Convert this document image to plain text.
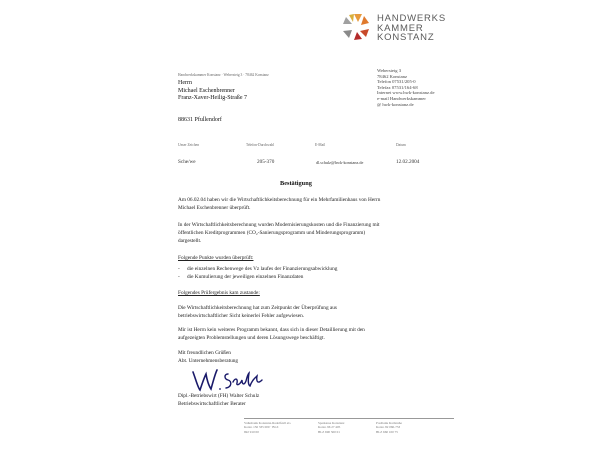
HANDWERKS
KAMMER
KONSTANZ
Handwerkskammer Konstanz · Webersteig 3 · 78462 Konstanz
Herrn
Michael Eschenbrenner
Franz-Xaver-Heilig-Straße 7
88631 Pfullendorf
Webersteig 3
78462 Konstanz
Telefon 07531/205-0
Telefax 07531/164-68
Internet www.hwk-konstanz.de
e-mail Handwerkskammer
@ hwk-konstanz.de
Unser Zeichen	Telefon-Durchwahl	E-Mail	Datum
Sche/we	205-370	dl.schulz@hwk-konstanz.de	12.02.2004
Bestätigung
Am 06.02.04 haben wir die Wirtschaftlichkeitsberechnung für ein Mehrfamilienhaus von Herrn
Michael Eschenbrenner überprüft.
In der Wirtschaftlichkeitsberechnung wurden Modernisierungskosten und die Finanzierung mit
öffentlichen Kreditprogrammen (CO₂-Sanierungsprogramm und Minderungsprogramm)
dargestellt.
Folgende Punkte wurden überprüft:
- die einzelnen Rechenwege des Vz laufes der Finanzierungsabwicklung
- die Kumulierung der jeweiligen einzelnen Finanzdaten
Folgendes Prüfergebnis kam zustande:
Die Wirtschaftlichkeitsberechnung hat zum Zeitpunkt der Überprüfung aus
betriebswirtschaftlicher Sicht keinerlei Fehler aufgewiesen.
Mir ist Herrn kein weiteres Programm bekannt, dass sich in dieser Detaillierung mit den
aufgezeigten Problemstellungen und deren Lösungswege beschäftigt.
Mit freundlichen Grüßen
Abt. Unternehmensberatung
Dipl.-Betriebswirt (FH) Walter Schulz
Betriebswirtschaftlicher Berater
Volksbank Konstanz-Radolfzell eG
Konto 156 335 000 · BLZ
692 910 00
Sparkasse Konstanz
Konto 96 27 405
BLZ 690 500 01
Postbank Karlsruhe
Konto 82 060-753
BLZ 660 100 75
